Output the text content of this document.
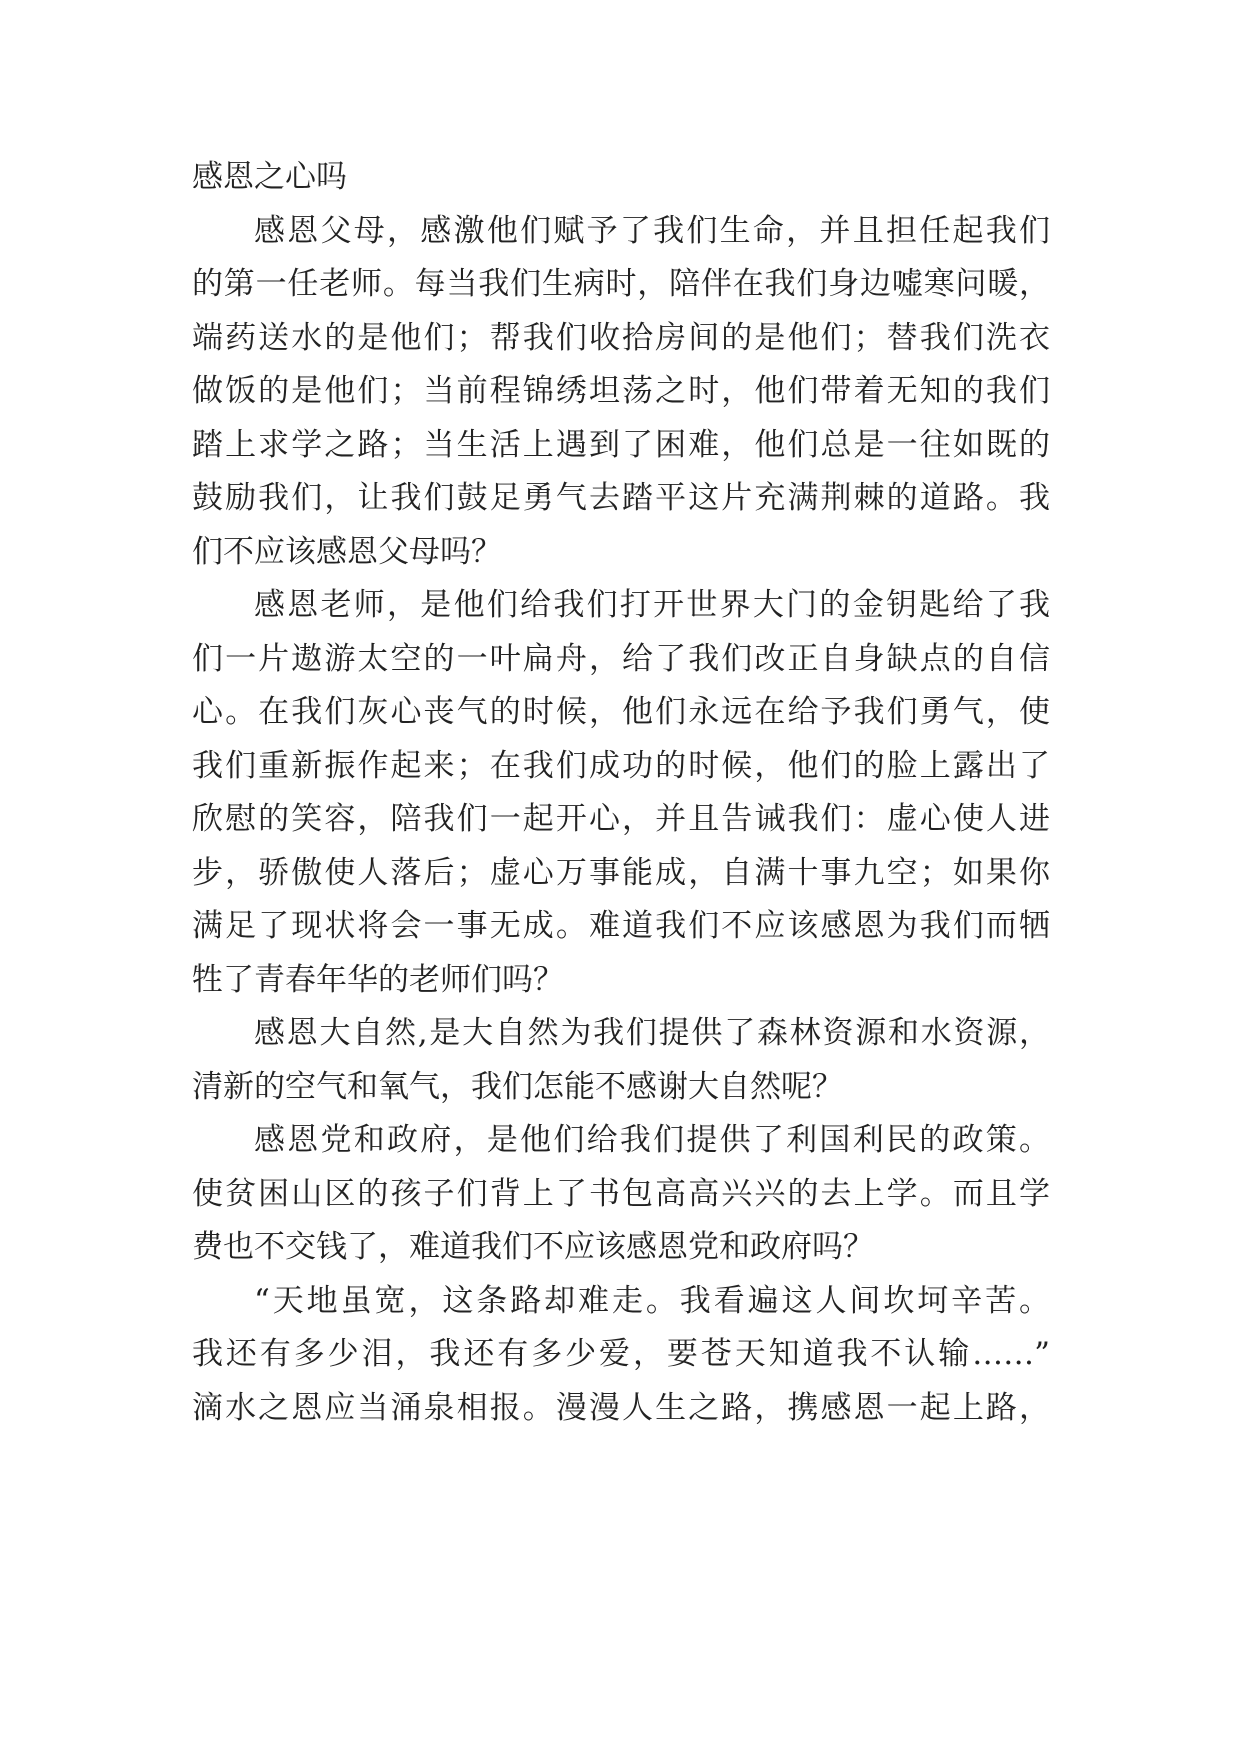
感恩之心吗
感恩父母，感激他们赋予了我们生命，并且担任起我们
的第一任老师。每当我们生病时，陪伴在我们身边嘘寒问暖，
端药送水的是他们；帮我们收拾房间的是他们；替我们洗衣
做饭的是他们；当前程锦绣坦荡之时，他们带着无知的我们
踏上求学之路；当生活上遇到了困难，他们总是一往如既的
鼓励我们，让我们鼓足勇气去踏平这片充满荆棘的道路。我
们不应该感恩父母吗？
感恩老师，是他们给我们打开世界大门的金钥匙给了我
们一片遨游太空的一叶扁舟，给了我们改正自身缺点的自信
心。在我们灰心丧气的时候，他们永远在给予我们勇气，使
我们重新振作起来；在我们成功的时候，他们的脸上露出了
欣慰的笑容，陪我们一起开心，并且告诫我们：虚心使人进
步，骄傲使人落后；虚心万事能成，自满十事九空；如果你
满足了现状将会一事无成。难道我们不应该感恩为我们而牺
牲了青春年华的老师们吗？
感恩大自然,是大自然为我们提供了森林资源和水资源，
清新的空气和氧气，我们怎能不感谢大自然呢？
感恩党和政府，是他们给我们提供了利国利民的政策。
使贫困山区的孩子们背上了书包高高兴兴的去上学。而且学
费也不交钱了，难道我们不应该感恩党和政府吗？
“天地虽宽，这条路却难走。我看遍这人间坎坷辛苦。
我还有多少泪，我还有多少爱，要苍天知道我不认输……”
滴水之恩应当涌泉相报。漫漫人生之路，携感恩一起上路，
